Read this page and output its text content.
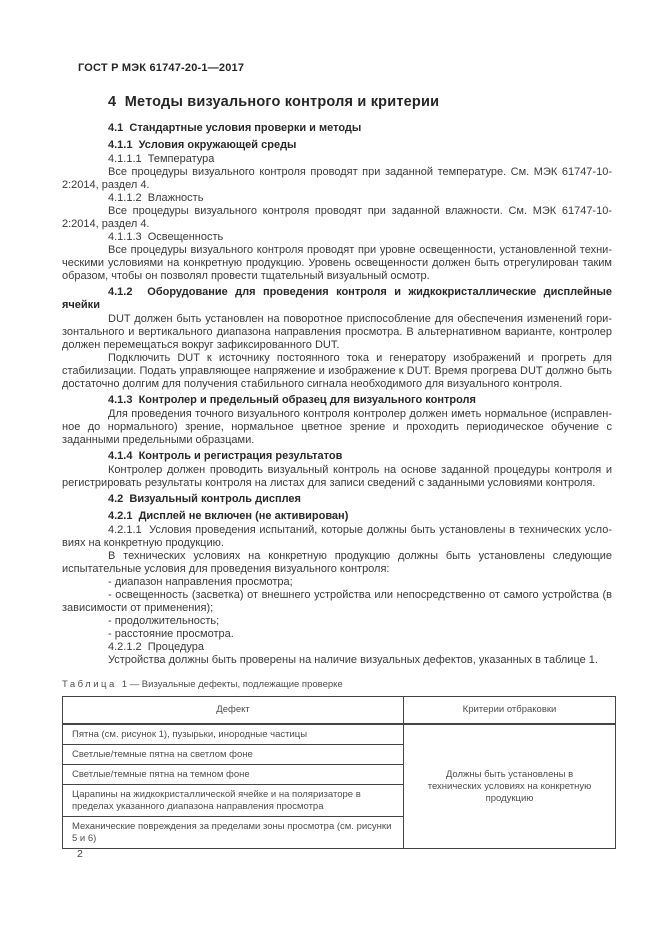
ГОСТ Р МЭК 61747-20-1—2017
4  Методы визуального контроля и критерии

4.1  Стандартные условия проверки и методы

4.1.1  Условия окружающей среды

4.1.1.1  Температура

Все процедуры визуального контроля проводят при заданной температуре. См. МЭК 61747-10-2:2014, раздел 4.

4.1.1.2  Влажность

Все процедуры визуального контроля проводят при заданной влажности. См. МЭК 61747-10-2:2014, раздел 4.

4.1.1.3  Освещенность

Все процедуры визуального контроля проводят при уровне освещенности, установленной техническими условиями на конкретную продукцию. Уровень освещенности должен быть отрегулирован таким образом, чтобы он позволял провести тщательный визуальный осмотр.

4.1.2  Оборудование для проведения контроля и жидкокристаллические дисплейные ячейки

DUT должен быть установлен на поворотное приспособление для обеспечения изменений горизонтального и вертикального диапазона направления просмотра. В альтернативном варианте, контролер должен перемещаться вокруг зафиксированного DUT.

Подключить DUT к источнику постоянного тока и генератору изображений и прогреть для стабилизации. Подать управляющее напряжение и изображение к DUT. Время прогрева DUT должно быть достаточно долгим для получения стабильного сигнала необходимого для визуального контроля.

4.1.3  Контролер и предельный образец для визуального контроля

Для проведения точного визуального контроля контролер должен иметь нормальное (исправленное до нормального) зрение, нормальное цветное зрение и проходить периодическое обучение с заданными предельными образцами.

4.1.4  Контроль и регистрация результатов

Контролер должен проводить визуальный контроль на основе заданной процедуры контроля и регистрировать результаты контроля на листах для записи сведений с заданными условиями контроля.

4.2  Визуальный контроль дисплея

4.2.1  Дисплей не включен (не активирован)

4.2.1.1  Условия проведения испытаний, которые должны быть установлены в технических условиях на конкретную продукцию.

В технических условиях на конкретную продукцию должны быть установлены следующие испытательные условия для проведения визуального контроля:

- диапазон направления просмотра;

- освещенность (засветка) от внешнего устройства или непосредственно от самого устройства (в зависимости от применения);

- продолжительность;

- расстояние просмотра.

4.2.1.2  Процедура

Устройства должны быть проверены на наличие визуальных дефектов, указанных в таблице 1.

Таблица 1 — Визуальные дефекты, подлежащие проверке
Дефект	Критерии отбраковки
Пятна (см. рисунок 1), пузырьки, инородные частицы	Должны быть установлены в технических условиях на конкретную продукцию
Светлые/темные пятна на светлом фоне	
Светлые/темные пятна на темном фоне	
Царапины на жидкокристаллической ячейке и на поляризаторе в пределах указанного диапазона направления просмотра	
Механические повреждения за пределами зоны просмотра (см. рисунки 5 и 6)	
2
